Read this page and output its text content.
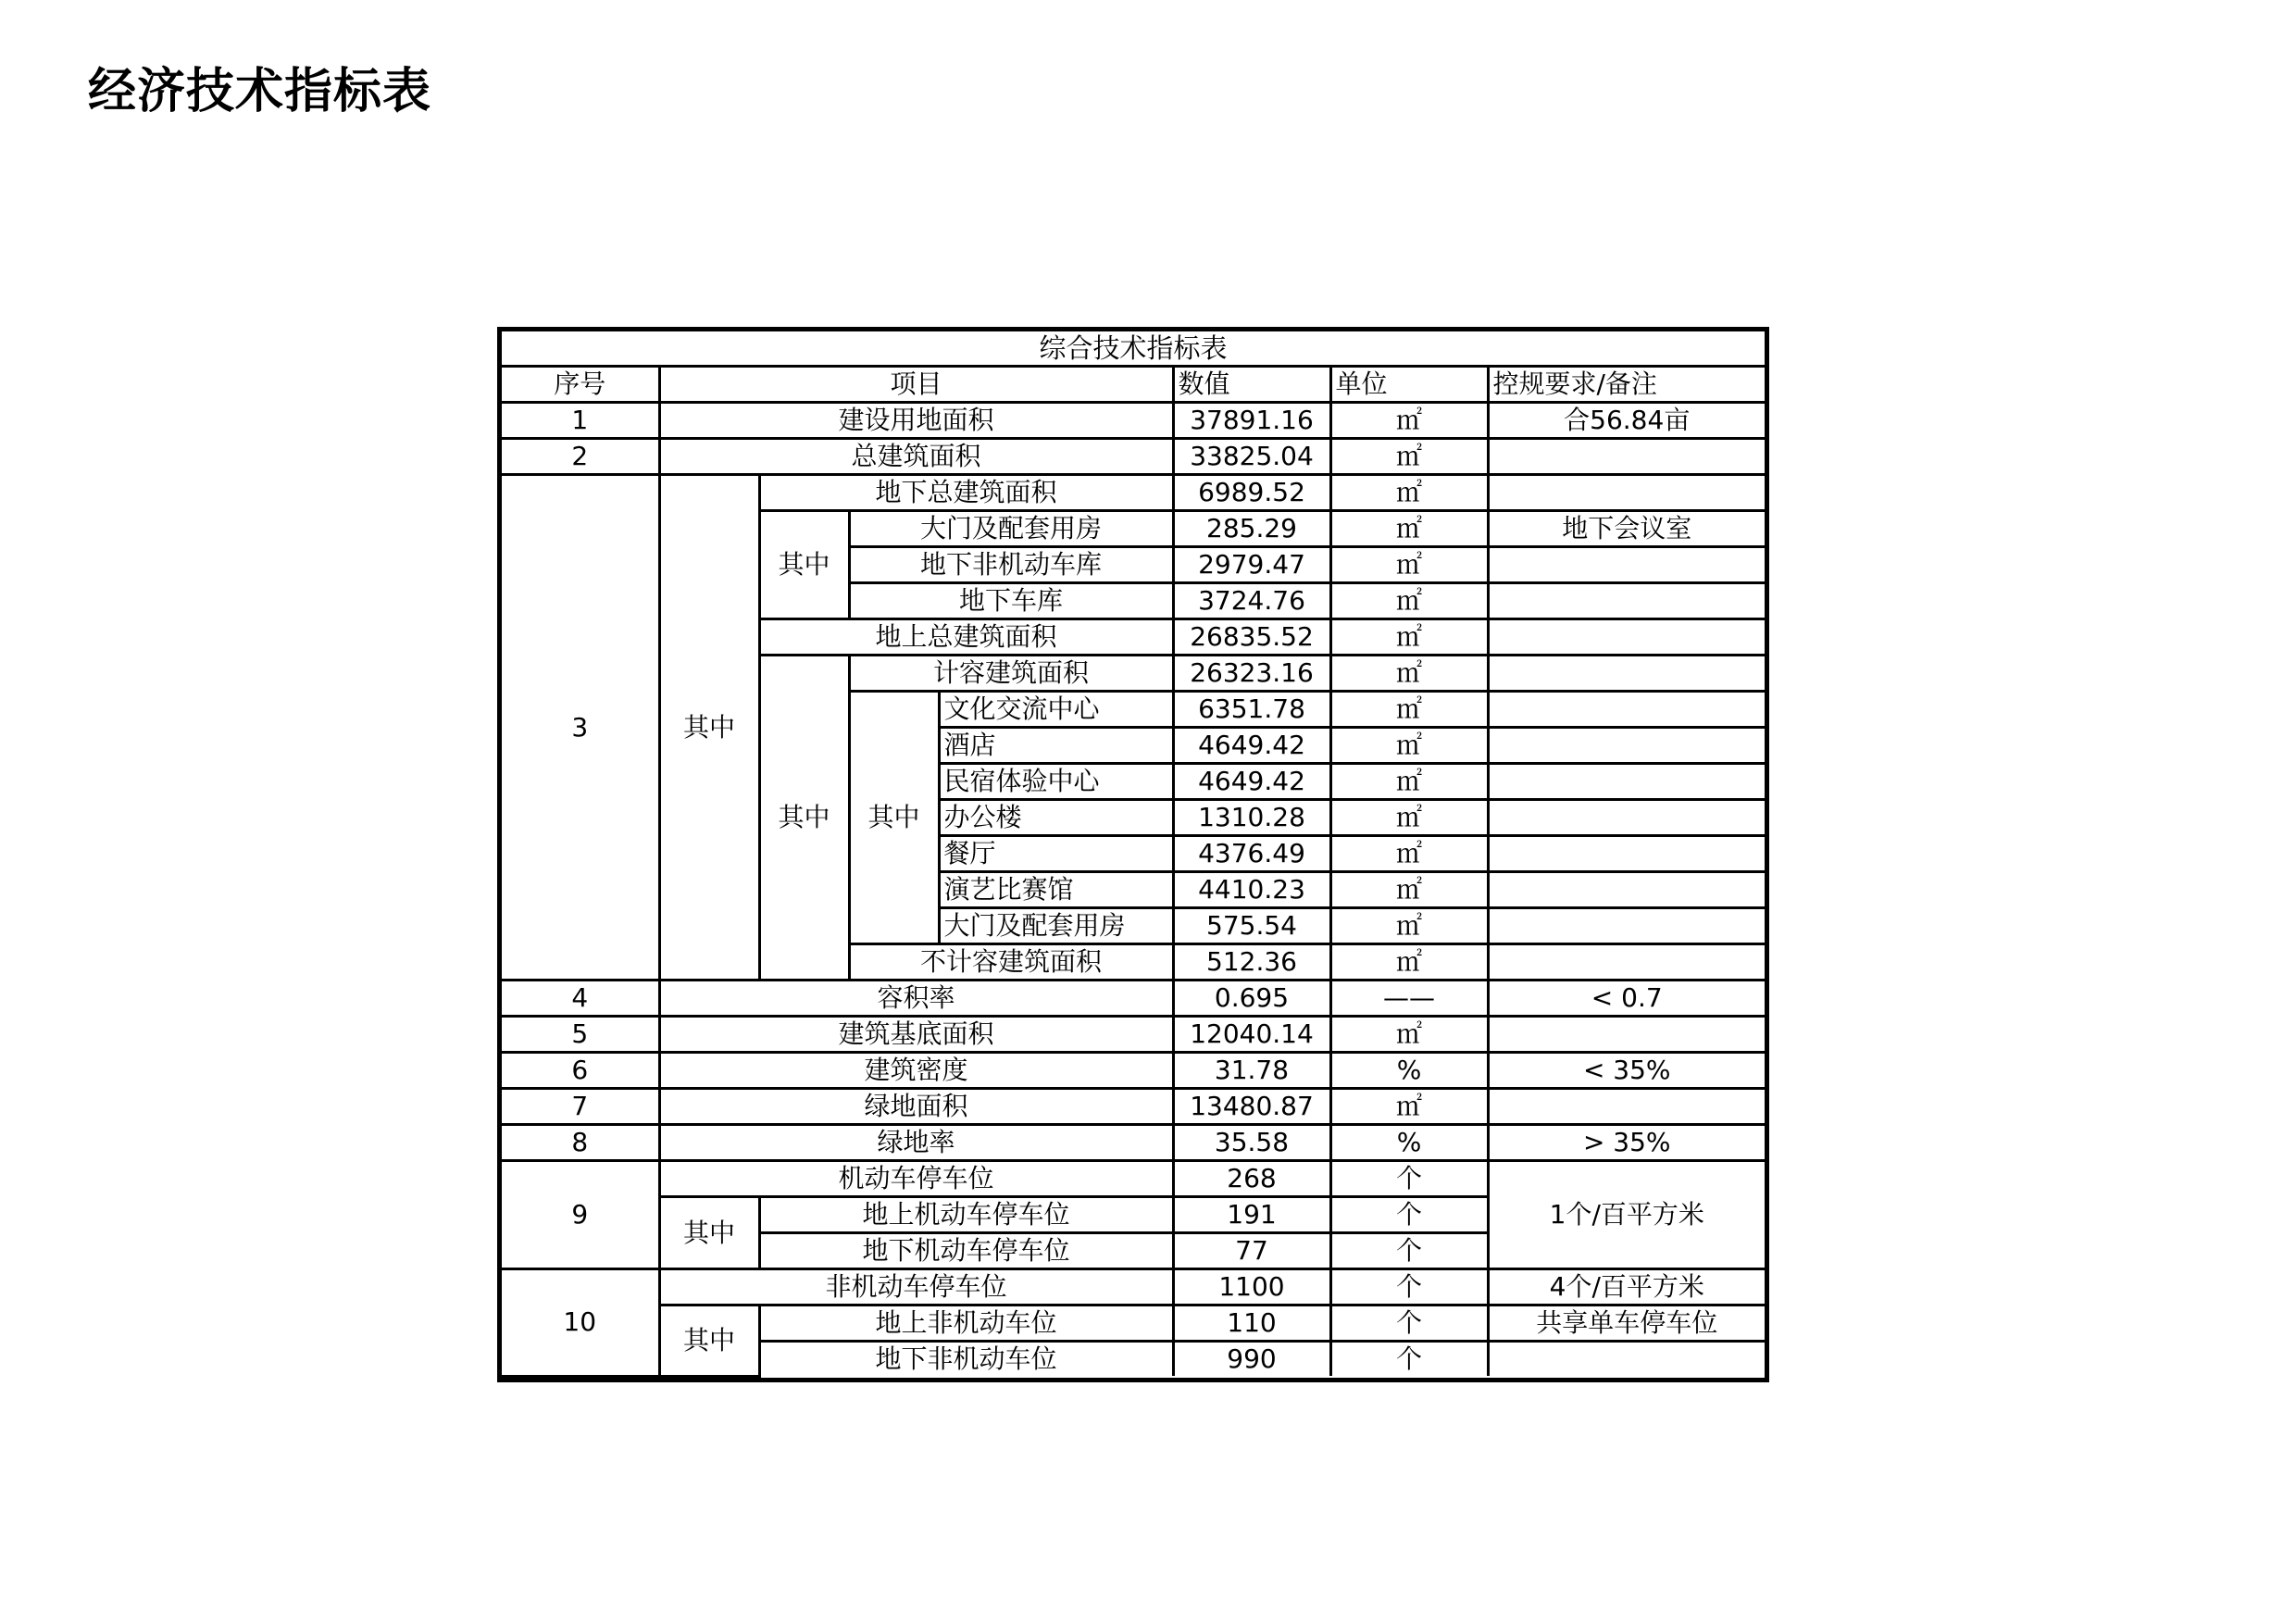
经济技术指标表
综合技术指标表							
序号	项目				数值	单位	控规要求/备注
1	建设用地面积				37891.16	㎡	合56.84亩
2	总建筑面积				33825.04	㎡	
3	其中	地下总建筑面积			6989.52	㎡	
		其中	大门及配套用房		285.29	㎡	地下会议室
			地下非机动车库		2979.47	㎡	
			地下车库		3724.76	㎡	
		地上总建筑面积			26835.52	㎡	
		其中	计容建筑面积		26323.16	㎡	
			其中	文化交流中心	6351.78	㎡	
				酒店	4649.42	㎡	
				民宿体验中心	4649.42	㎡	
				办公楼	1310.28	㎡	
				餐厅	4376.49	㎡	
				演艺比赛馆	4410.23	㎡	
				大门及配套用房	575.54	㎡	
			不计容建筑面积		512.36	㎡	
4	容积率				0.695	——	< 0.7
5	建筑基底面积				12040.14	㎡	
6	建筑密度				31.78	%	< 35%
7	绿地面积				13480.87	㎡	
8	绿地率				35.58	%	> 35%
9	机动车停车位				268	个	1个/百平方米
	其中	地上机动车停车位			191	个	
		地下机动车停车位			77	个	
10	非机动车停车位				1100	个	4个/百平方米
	其中	地上非机动车位			110	个	共享单车停车位
		地下非机动车位			990	个	
